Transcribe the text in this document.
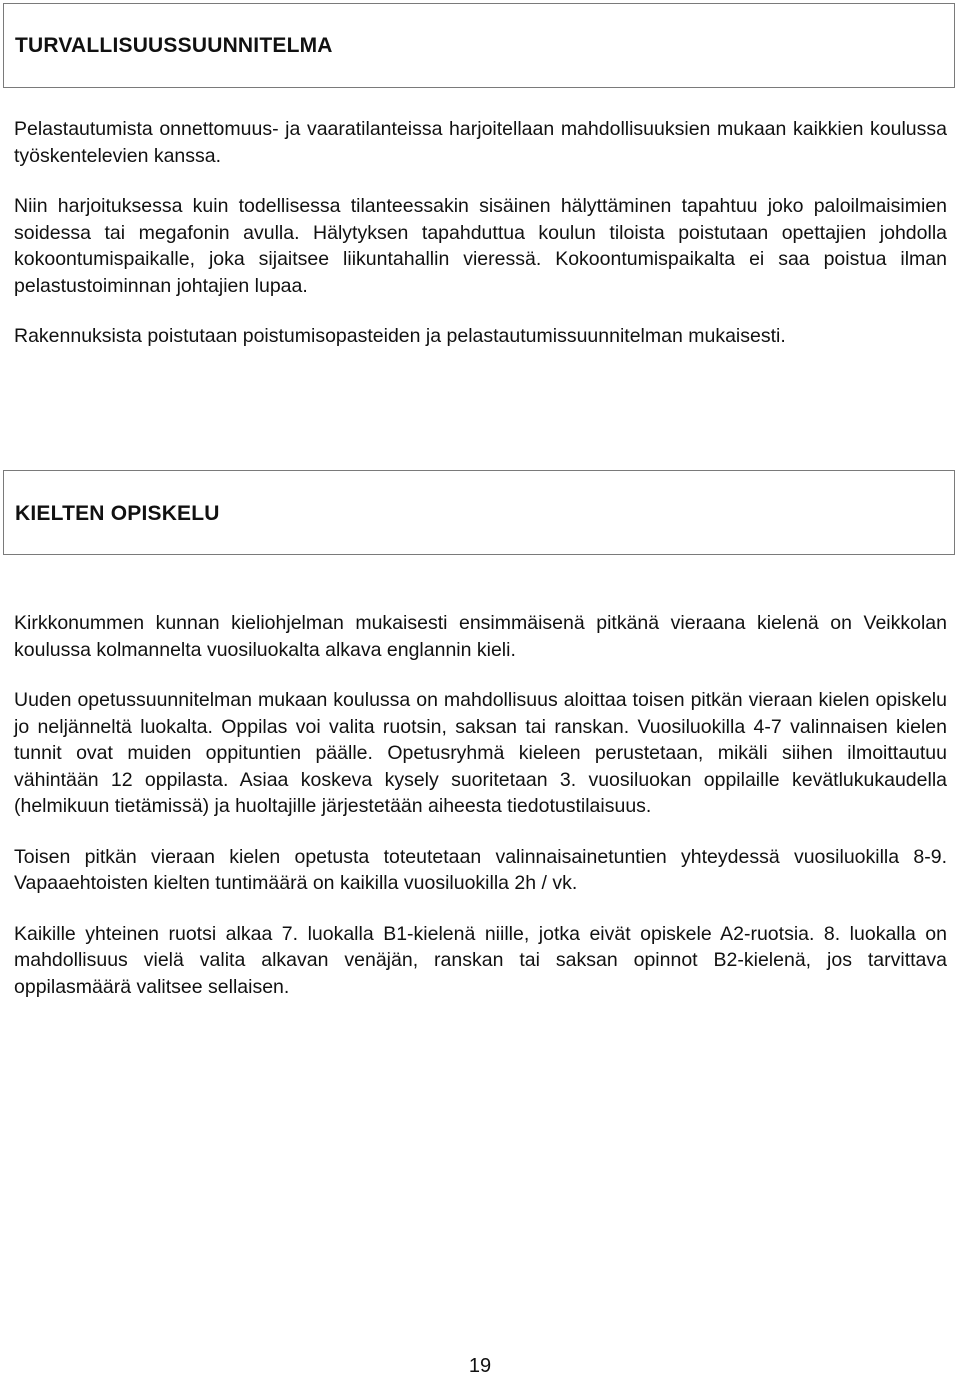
TURVALLISUUSSUUNNITELMA

Pelastautumista onnettomuus- ja vaaratilanteissa harjoitellaan mahdollisuuksien mukaan kaikkien koulussa työskentelevien kanssa.

Niin harjoituksessa kuin todellisessa tilanteessakin sisäinen hälyttäminen tapahtuu joko paloilmaisimien soidessa tai megafonin avulla. Hälytyksen tapahduttua koulun tiloista poistutaan opettajien johdolla kokoontumispaikalle, joka sijaitsee liikuntahallin vieressä. Kokoontumispaikalta ei saa poistua ilman pelastustoiminnan johtajien lupaa.

Rakennuksista poistutaan poistumisopasteiden ja pelastautumissuunnitelman mukaisesti.

KIELTEN OPISKELU

Kirkkonummen kunnan kieliohjelman mukaisesti ensimmäisenä pitkänä vieraana kielenä on Veikkolan koulussa kolmannelta vuosiluokalta alkava englannin kieli.

Uuden opetussuunnitelman mukaan koulussa on mahdollisuus aloittaa toisen pitkän vieraan kielen opiskelu jo neljänneltä luokalta. Oppilas voi valita ruotsin, saksan tai ranskan. Vuosiluokilla 4-7 valinnaisen kielen tunnit ovat muiden oppituntien päälle. Opetusryhmä kieleen perustetaan, mikäli siihen ilmoittautuu vähintään 12 oppilasta. Asiaa koskeva kysely suoritetaan 3. vuosiluokan oppilaille kevätlukukaudella (helmikuun tietämissä) ja huoltajille järjestetään aiheesta tiedotustilaisuus.

Toisen pitkän vieraan kielen opetusta toteutetaan valinnaisainetuntien yhteydessä vuosiluokilla 8-9. Vapaaehtoisten kielten tuntimäärä on kaikilla vuosiluokilla 2h / vk.

Kaikille yhteinen ruotsi alkaa 7. luokalla B1-kielenä niille, jotka eivät opiskele A2-ruotsia. 8. luokalla on mahdollisuus vielä valita alkavan venäjän, ranskan tai saksan opinnot B2-kielenä, jos tarvittava oppilasmäärä valitsee sellaisen.

19
